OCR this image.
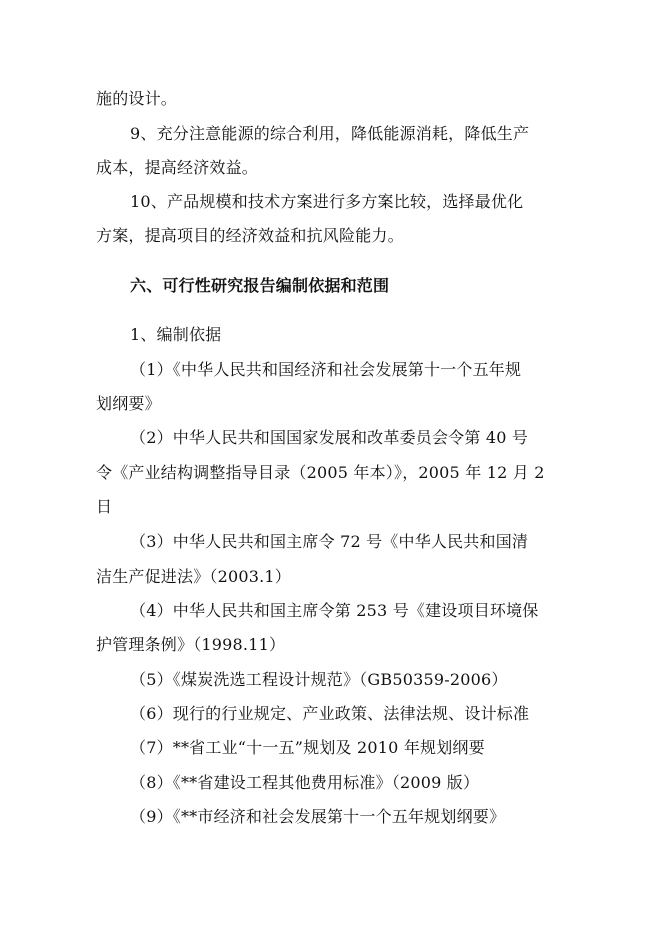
施的设计。
9、充分注意能源的综合利用，降低能源消耗，降低生产
成本，提高经济效益。
10、产品规模和技术方案进行多方案比较，选择最优化
方案，提高项目的经济效益和抗风险能力。
六、可行性研究报告编制依据和范围
1、编制依据
（1）《中华人民共和国经济和社会发展第十一个五年规
划纲要》
（2）中华人民共和国国家发展和改革委员会令第 40 号
令《产业结构调整指导目录（2005 年本）》，2005 年 12 月 2
日
（3）中华人民共和国主席令 72 号《中华人民共和国清
洁生产促进法》（2003.1）
（4）中华人民共和国主席令第 253 号《建设项目环境保
护管理条例》（1998.11）
（5）《煤炭洗选工程设计规范》（GB50359-2006）
（6）现行的行业规定、产业政策、法律法规、设计标准
（7）**省工业“十一五”规划及 2010 年规划纲要
（8）《**省建设工程其他费用标准》（2009 版）
（9）《**市经济和社会发展第十一个五年规划纲要》
